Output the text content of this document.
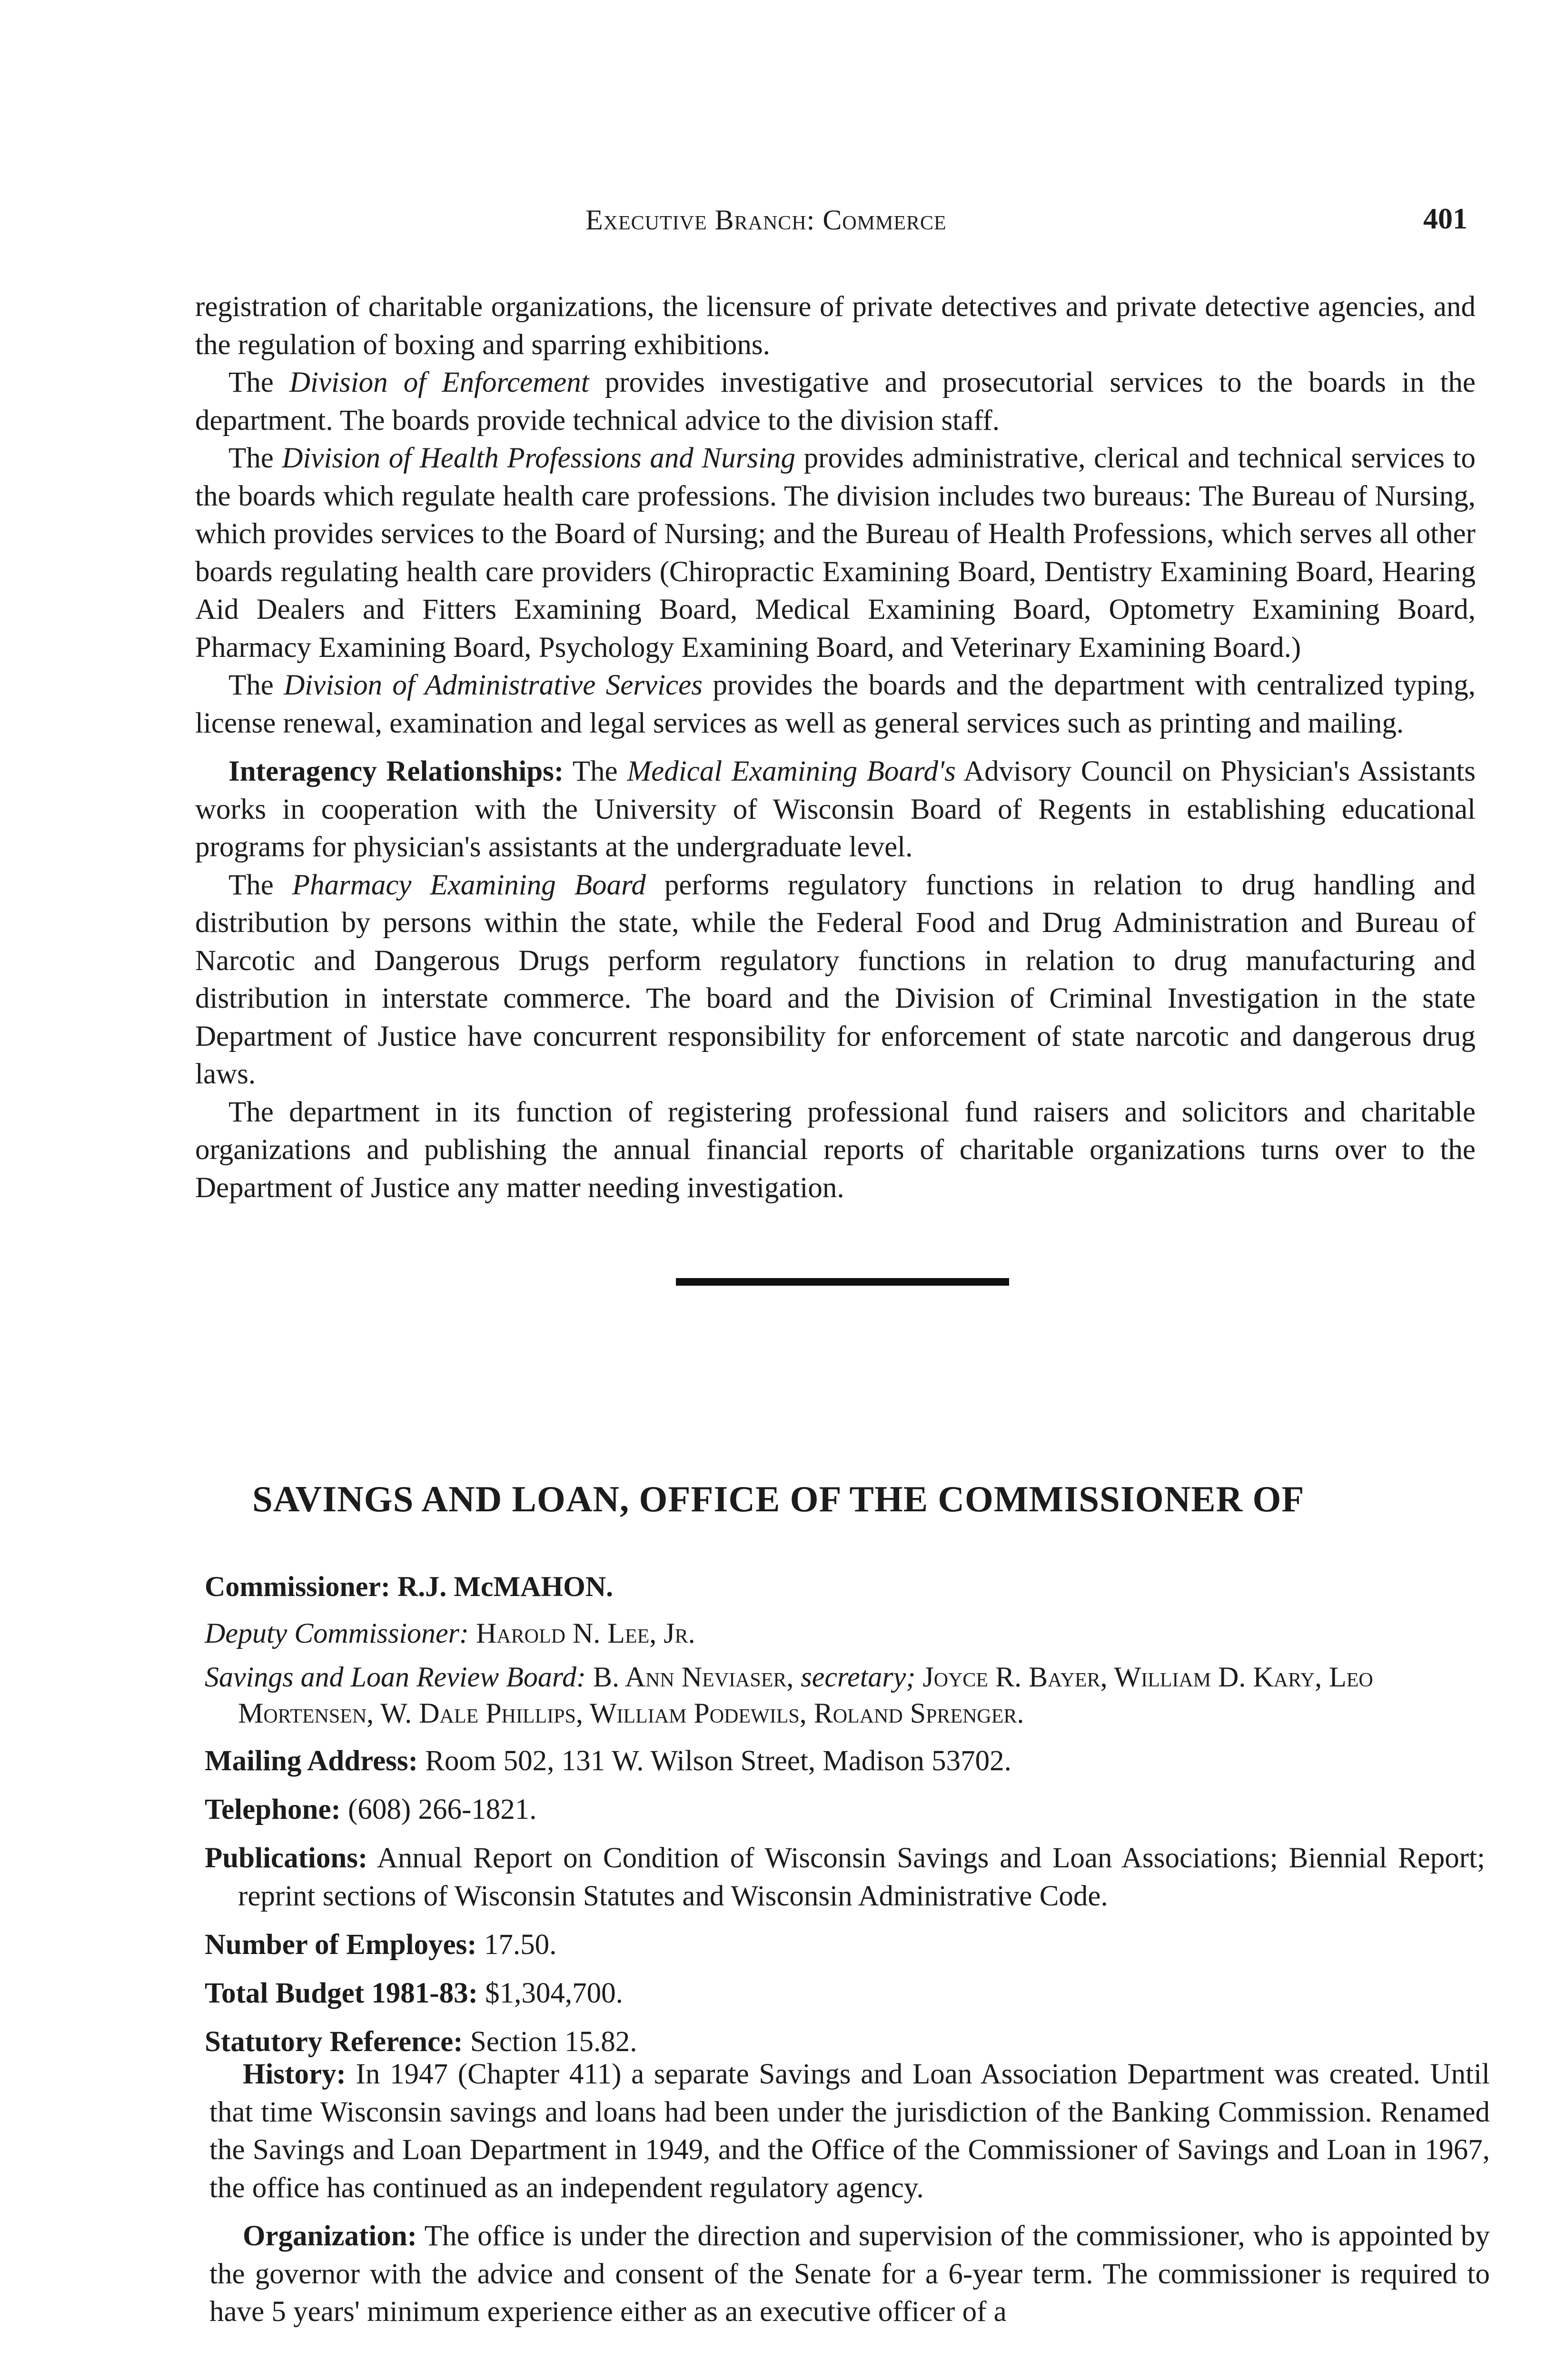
Executive Branch: Commerce	401

registration of charitable organizations, the licensure of private detectives and private detective agencies, and the regulation of boxing and sparring exhibitions.

The Division of Enforcement provides investigative and prosecutorial services to the boards in the department. The boards provide technical advice to the division staff.

The Division of Health Professions and Nursing provides administrative, clerical and technical services to the boards which regulate health care professions. The division includes two bureaus: The Bureau of Nursing, which provides services to the Board of Nursing; and the Bureau of Health Professions, which serves all other boards regulating health care providers (Chiropractic Examining Board, Dentistry Examining Board, Hearing Aid Dealers and Fitters Examining Board, Medical Examining Board, Optometry Examining Board, Pharmacy Examining Board, Psychology Examining Board, and Veterinary Examining Board.)

The Division of Administrative Services provides the boards and the department with centralized typing, license renewal, examination and legal services as well as general services such as printing and mailing.

Interagency Relationships: The Medical Examining Board's Advisory Council on Physician's Assistants works in cooperation with the University of Wisconsin Board of Regents in establishing educational programs for physician's assistants at the undergraduate level.

The Pharmacy Examining Board performs regulatory functions in relation to drug handling and distribution by persons within the state, while the Federal Food and Drug Administration and Bureau of Narcotic and Dangerous Drugs perform regulatory functions in relation to drug manufacturing and distribution in interstate commerce. The board and the Division of Criminal Investigation in the state Department of Justice have concurrent responsibility for enforcement of state narcotic and dangerous drug laws.

The department in its function of registering professional fund raisers and solicitors and charitable organizations and publishing the annual financial reports of charitable organizations turns over to the Department of Justice any matter needing investigation.

SAVINGS AND LOAN, OFFICE OF THE COMMISSIONER OF

Commissioner: R.J. McMAHON.

Deputy Commissioner: Harold N. Lee, Jr.

Savings and Loan Review Board: B. Ann Neviaser, secretary; Joyce R. Bayer, William D. Kary, Leo Mortensen, W. Dale Phillips, William Podewils, Roland Sprenger.

Mailing Address: Room 502, 131 W. Wilson Street, Madison 53702.

Telephone: (608) 266-1821.

Publications: Annual Report on Condition of Wisconsin Savings and Loan Associations; Biennial Report; reprint sections of Wisconsin Statutes and Wisconsin Administrative Code.

Number of Employes: 17.50.

Total Budget 1981-83: $1,304,700.

Statutory Reference: Section 15.82.

History: In 1947 (Chapter 411) a separate Savings and Loan Association Department was created. Until that time Wisconsin savings and loans had been under the jurisdiction of the Banking Commission. Renamed the Savings and Loan Department in 1949, and the Office of the Commissioner of Savings and Loan in 1967, the office has continued as an independent regulatory agency.

Organization: The office is under the direction and supervision of the commissioner, who is appointed by the governor with the advice and consent of the Senate for a 6-year term. The commissioner is required to have 5 years' minimum experience either as an executive officer of a
